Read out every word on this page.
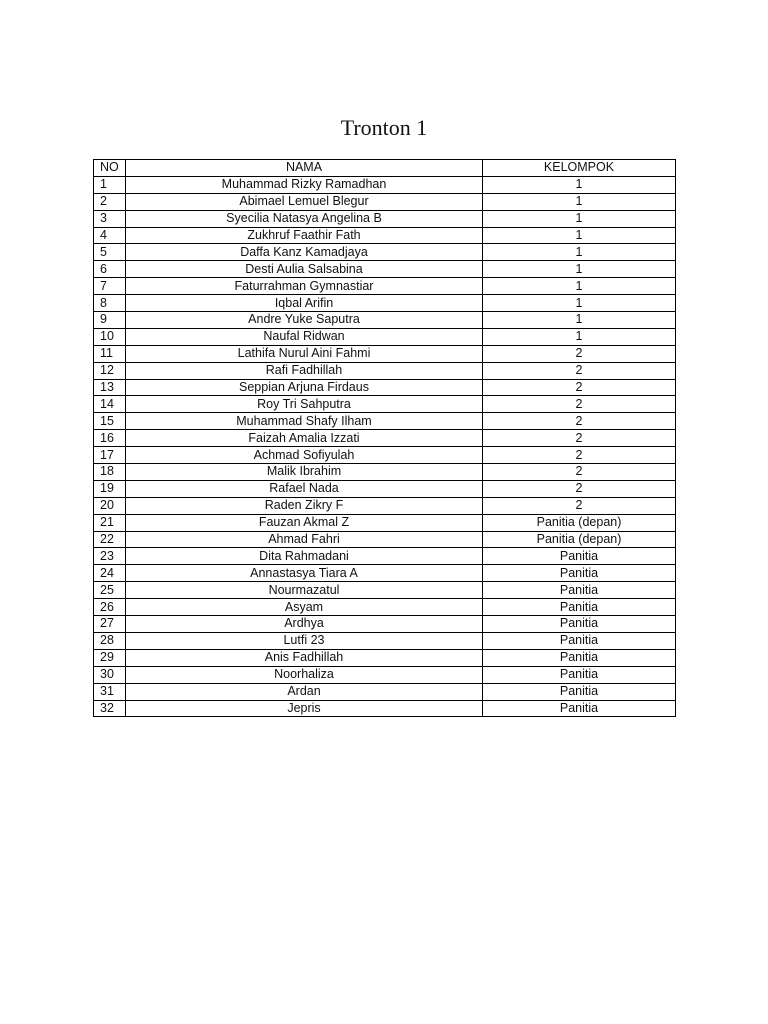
Tronton 1
NO	NAMA	KELOMPOK
1	Muhammad Rizky Ramadhan	1
2	Abimael Lemuel Blegur	1
3	Syecilia Natasya Angelina B	1
4	Zukhruf Faathir Fath	1
5	Daffa Kanz Kamadjaya	1
6	Desti Aulia Salsabina	1
7	Faturrahman Gymnastiar	1
8	Iqbal Arifin	1
9	Andre Yuke Saputra	1
10	Naufal Ridwan	1
11	Lathifa Nurul Aini Fahmi	2
12	Rafi Fadhillah	2
13	Seppian Arjuna Firdaus	2
14	Roy Tri Sahputra	2
15	Muhammad Shafy Ilham	2
16	Faizah Amalia Izzati	2
17	Achmad Sofiyulah	2
18	Malik Ibrahim	2
19	Rafael Nada	2
20	Raden Zikry F	2
21	Fauzan Akmal Z	Panitia (depan)
22	Ahmad Fahri	Panitia (depan)
23	Dita Rahmadani	Panitia
24	Annastasya Tiara A	Panitia
25	Nourmazatul	Panitia
26	Asyam	Panitia
27	Ardhya	Panitia
28	Lutfi 23	Panitia
29	Anis Fadhillah	Panitia
30	Noorhaliza	Panitia
31	Ardan	Panitia
32	Jepris	Panitia
